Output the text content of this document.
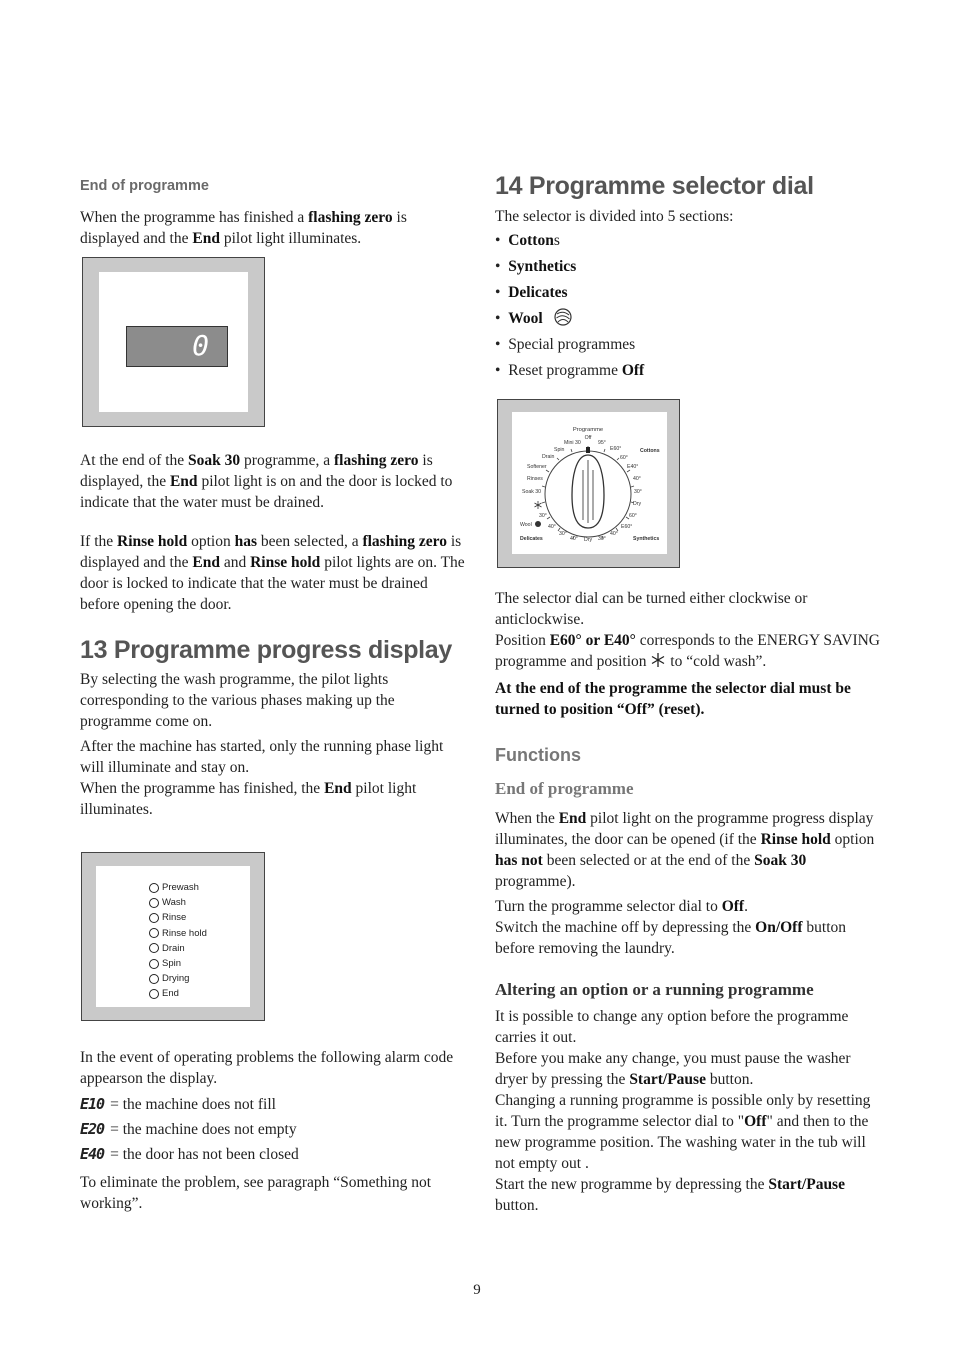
End of programme

When the programme has finished a flashing zero is displayed and the End pilot light illuminates.

0

At the end of the Soak 30 programme, a flashing zero is displayed, the End pilot light is on and the door is locked to indicate that the water must be drained.

If the Rinse hold option has been selected, a flashing zero is displayed and the End and Rinse hold pilot lights are on. The door is locked to indicate that the water must be drained before opening the door.

13 Programme progress display

By selecting the wash programme, the pilot lights corresponding to the various phases making up the programme come on.

After the machine has started, only the running phase light will illuminate and stay on.

When the programme has finished, the End pilot light illuminates.

Prewash
Wash
Rinse
Rinse hold
Drain
Spin
Drying
End

In the event of operating problems the following alarm code appearson the display.

E10 = the machine does not fill
E20 = the machine does not empty
E40 = the door has not been closed

To eliminate the problem, see paragraph “Something not working”.

14 Programme selector dial

The selector is divided into 5 sections:

•  Cottons
•  Synthetics
•  Delicates
•  Wool
•  Special programmes
•  Reset programme Off
Programme
Off
Mini 30	95°
Spin	E60°
Drain	60°
Softener	E40°
Rinses	40°
Soak 30	30°
Dry
30°	60°
Wool	E60°
40°
30°
40° Dry 30°
40°
Cottons
Delicates	Synthetics

The selector dial can be turned either clockwise or anticlockwise.

Position E60° or E40° corresponds to the ENERGY SAVING programme and position  to “cold wash”.

At the end of the programme the selector dial must be turned to position “Off” (reset).

Functions

End of programme

When the End pilot light on the programme progress display illuminates, the door can be opened (if the Rinse hold option has not been selected or at the end of the Soak 30 programme).

Turn the programme selector dial to Off.

Switch the machine off by depressing the On/Off button before removing the laundry.

Altering an option or a running programme

It is possible to change any option before the programme carries it out.

Before you make any change, you must pause the washer dryer by pressing the Start/Pause button.

Changing a running programme is possible only by resetting it. Turn the programme selector dial to "Off" and then to the new programme position. The washing water in the tub will not empty out .

Start the new programme by depressing the Start/Pause button.

9
